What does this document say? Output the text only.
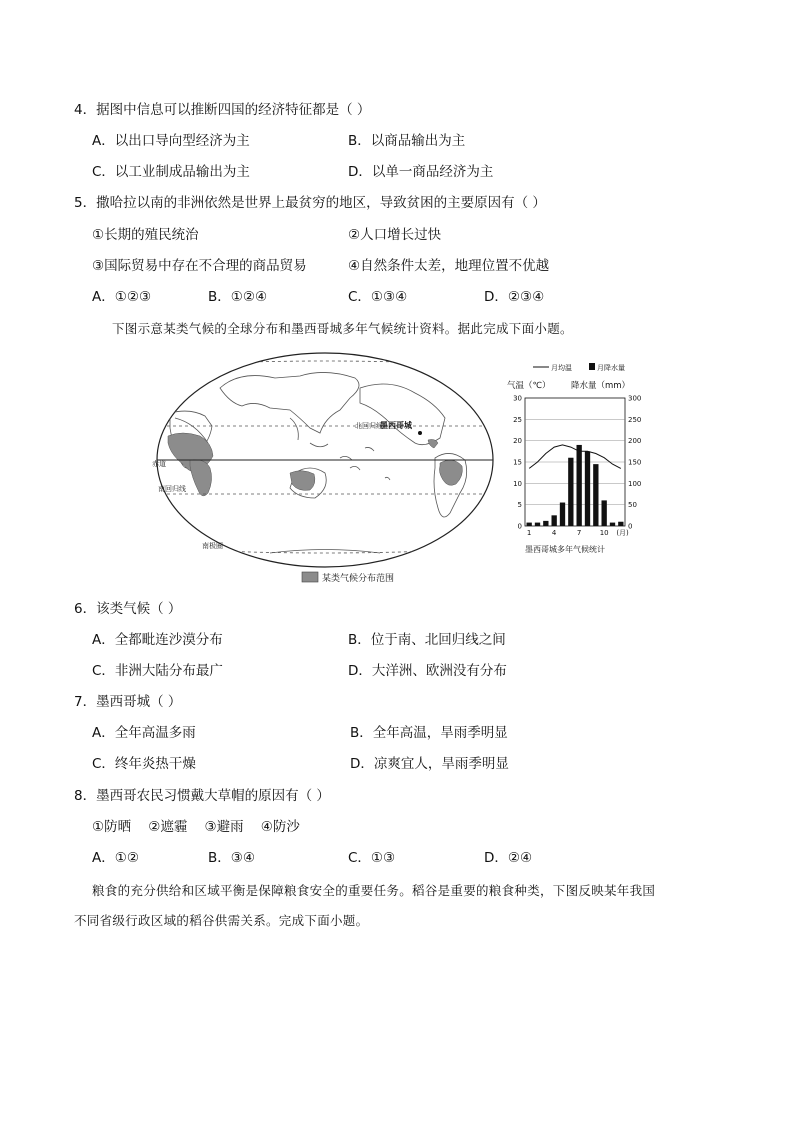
4．据图中信息可以推断四国的经济特征都是（ ）
A．以出口导向型经济为主	B．以商品输出为主
C．以工业制成品输出为主	D．以单一商品经济为主
5．撒哈拉以南的非洲依然是世界上最贫穷的地区，导致贫困的主要原因有（ ）
①长期的殖民统治	②人口增长过快
③国际贸易中存在不合理的商品贸易	④自然条件太差，地理位置不优越
A．①②③	B．①②④	C．①③④	D．②③④
下图示意某类气候的全球分布和墨西哥城多年气候统计资料。据此完成下面小题。
北回归线
赤道
南回归线
南极圈
墨西哥城
某类气候分布范围
月均温	月降水量
气温（℃） 降水量（mm）
30	300
25	250
20	200
15	150
10	100
5	50
0	0
1	4	7	10 (月)
墨西哥城多年气候统计
6．该类气候（ ）
A．全都毗连沙漠分布	B．位于南、北回归线之间
C．非洲大陆分布最广	D．大洋洲、欧洲没有分布
7．墨西哥城（ ）
A．全年高温多雨	B．全年高温，旱雨季明显
C．终年炎热干燥	D．凉爽宜人，旱雨季明显
8．墨西哥农民习惯戴大草帽的原因有（ ）
①防晒    ②遮霾    ③避雨    ④防沙
A．①②	B．③④	C．①③	D．②④
粮食的充分供给和区域平衡是保障粮食安全的重要任务。稻谷是重要的粮食种类，下图反映某年我国
不同省级行政区域的稻谷供需关系。完成下面小题。
